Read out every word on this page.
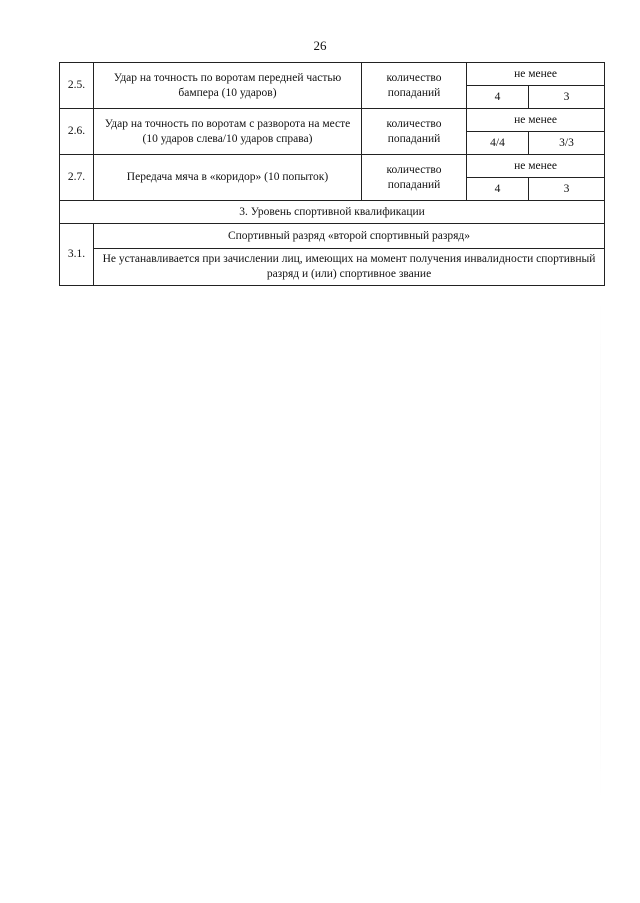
26
2.5.	Удар на точность по воротам передней частью бампера (10 ударов)	количество попаданий	не менее	
			4	3
2.6.	Удар на точность по воротам с разворота на месте (10 ударов слева/10 ударов справа)	количество попаданий	не менее	
			4/4	3/3
2.7.	Передача мяча в «коридор» (10 попыток)	количество попаданий	не менее	
			4	3
3. Уровень спортивной квалификации				
3.1.	Спортивный разряд «второй спортивный разряд»			
	Не устанавливается при зачислении лиц, имеющих на момент получения инвалидности спортивный разряд и (или) спортивное звание			
